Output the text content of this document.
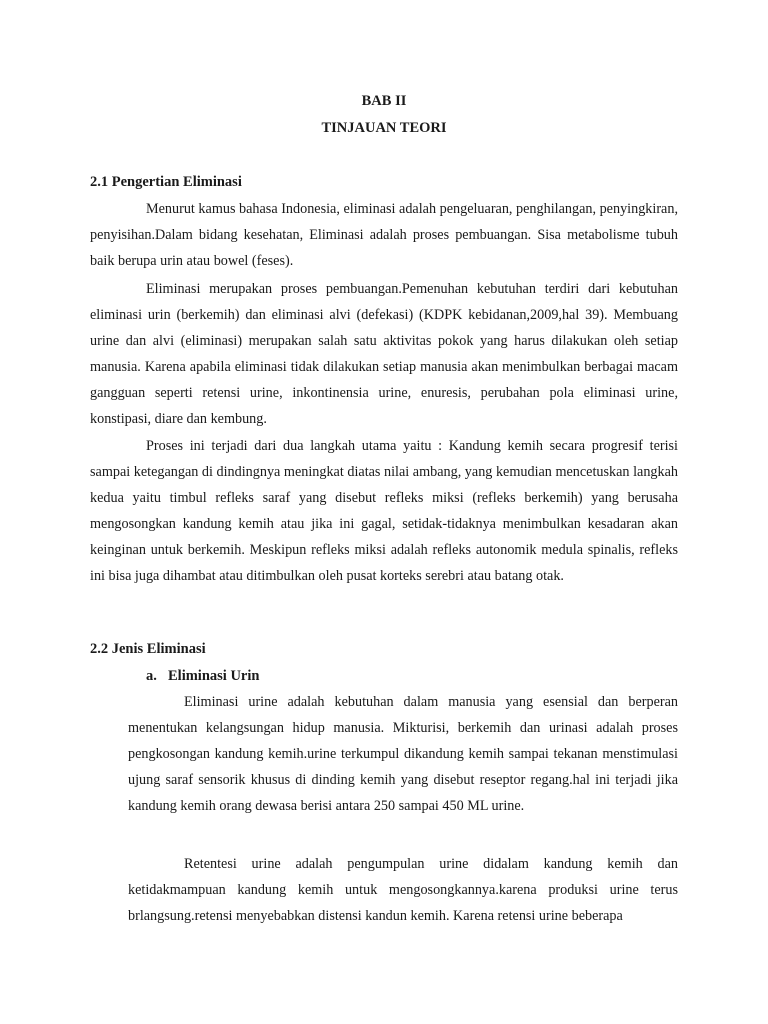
BAB II
TINJAUAN TEORI
2.1 Pengertian Eliminasi

Menurut kamus bahasa Indonesia, eliminasi adalah pengeluaran, penghilangan, penyingkiran, penyisihan.Dalam bidang kesehatan, Eliminasi adalah proses pembuangan. Sisa metabolisme tubuh baik berupa urin atau bowel (feses).

Eliminasi merupakan proses pembuangan.Pemenuhan kebutuhan terdiri dari kebutuhan eliminasi urin (berkemih) dan eliminasi alvi (defekasi) (KDPK kebidanan,2009,hal 39). Membuang urine dan alvi (eliminasi) merupakan salah satu aktivitas pokok yang harus dilakukan oleh setiap manusia. Karena apabila eliminasi tidak dilakukan setiap manusia akan menimbulkan berbagai macam gangguan seperti retensi urine, inkontinensia urine, enuresis, perubahan pola eliminasi urine, konstipasi, diare dan kembung.

Proses ini terjadi dari dua langkah utama yaitu : Kandung kemih secara progresif terisi sampai ketegangan di dindingnya meningkat diatas nilai ambang, yang kemudian mencetuskan langkah kedua yaitu timbul refleks saraf yang disebut refleks miksi (refleks berkemih) yang berusaha mengosongkan kandung kemih atau jika ini gagal, setidak-tidaknya menimbulkan kesadaran akan keinginan untuk berkemih. Meskipun refleks miksi adalah refleks autonomik medula spinalis, refleks ini bisa juga dihambat atau ditimbulkan oleh pusat korteks serebri atau batang otak.

2.2 Jenis Eliminasi
a. Eliminasi Urin

Eliminasi urine adalah kebutuhan dalam manusia yang esensial dan berperan menentukan kelangsungan hidup manusia. Mikturisi, berkemih dan urinasi adalah proses pengkosongan kandung kemih.urine terkumpul dikandung kemih sampai tekanan menstimulasi ujung saraf sensorik khusus di dinding kemih yang disebut reseptor regang.hal ini terjadi jika kandung kemih orang dewasa berisi antara 250 sampai 450 ML urine.

Retentesi urine adalah pengumpulan urine didalam kandung kemih dan ketidakmampuan kandung kemih untuk mengosongkannya.karena produksi urine terus brlangsung.retensi menyebabkan distensi kandun kemih. Karena retensi urine beberapa
